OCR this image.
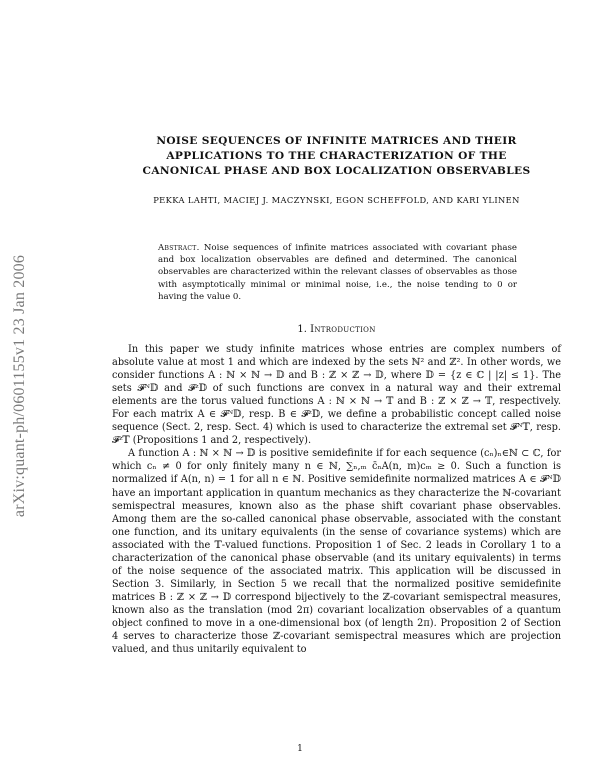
arXiv:quant-ph/0601155v1 23 Jan 2006

NOISE SEQUENCES OF INFINITE MATRICES AND THEIR

APPLICATIONS TO THE CHARACTERIZATION OF THE

CANONICAL PHASE AND BOX LOCALIZATION OBSERVABLES

PEKKA LAHTI, MACIEJ J. MACZYNSKI, EGON SCHEFFOLD, AND KARI YLINEN
Abstract. Noise sequences of infinite matrices associated with covariant phase and box localization observables are defined and determined. The canonical observables are characterized within the relevant classes of observables as those with asymptotically minimal or minimal noise, i.e., the noise tending to 0 or having the value 0.
1. Introduction

In this paper we study infinite matrices whose entries are complex numbers of absolute value at most 1 and which are indexed by the sets ℕ² and ℤ². In other words, we consider functions A : ℕ × ℕ → 𝔻 and B : ℤ × ℤ → 𝔻, where 𝔻 = {z ∈ ℂ | |z| ≤ 1}. The sets 𝓕ᴺ𝔻 and 𝓕ᶻ𝔻 of such functions are convex in a natural way and their extremal elements are the torus valued functions A : ℕ × ℕ → 𝕋 and B : ℤ × ℤ → 𝕋, respectively. For each matrix A ∈ 𝓕ᴺ𝔻, resp. B ∈ 𝓕ᶻ𝔻, we define a probabilistic concept called noise sequence (Sect. 2, resp. Sect. 4) which is used to characterize the extremal set 𝓕ᴺ𝕋, resp. 𝓕ᶻ𝕋 (Propositions 1 and 2, respectively).

A function A : ℕ × ℕ → 𝔻 is positive semidefinite if for each sequence (cₙ)ₙ∈ℕ ⊂ ℂ, for which cₙ ≠ 0 for only finitely many n ∈ ℕ, ∑ₙ,ₘ c̄ₙA(n, m)cₘ ≥ 0. Such a function is normalized if A(n, n) = 1 for all n ∈ ℕ. Positive semidefinite normalized matrices A ∈ 𝓕ᴺ𝔻 have an important application in quantum mechanics as they characterize the ℕ-covariant semispectral measures, known also as the phase shift covariant phase observables. Among them are the so-called canonical phase observable, associated with the constant one function, and its unitary equivalents (in the sense of covariance systems) which are associated with the 𝕋-valued functions. Proposition 1 of Sec. 2 leads in Corollary 1 to a characterization of the canonical phase observable (and its unitary equivalents) in terms of the noise sequence of the associated matrix. This application will be discussed in Section 3. Similarly, in Section 5 we recall that the normalized positive semidefinite matrices B : ℤ × ℤ → 𝔻 correspond bijectively to the ℤ-covariant semispectral measures, known also as the translation (mod 2π) covariant localization observables of a quantum object confined to move in a one-dimensional box (of length 2π). Proposition 2 of Section 4 serves to characterize those ℤ-covariant semispectral measures which are projection valued, and thus unitarily equivalent to

1
